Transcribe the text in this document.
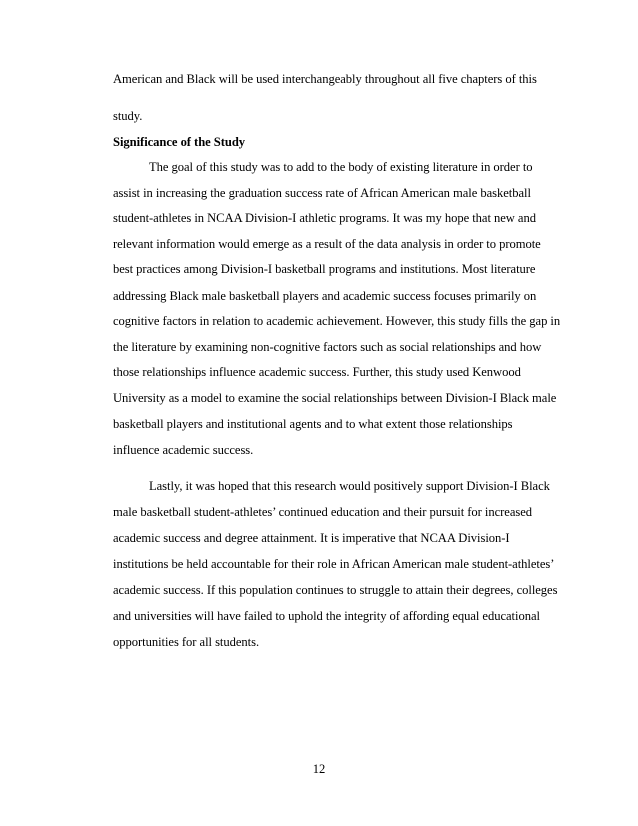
American and Black will be used interchangeably throughout all five chapters of this
study.
Significance of the Study
The goal of this study was to add to the body of existing literature in order to
assist in increasing the graduation success rate of African American male basketball
student-athletes in NCAA Division-I athletic programs. It was my hope that new and
relevant information would emerge as a result of the data analysis in order to promote
best practices among Division-I basketball programs and institutions. Most literature
addressing Black male basketball players and academic success focuses primarily on
cognitive factors in relation to academic achievement. However, this study fills the gap in
the literature by examining non-cognitive factors such as social relationships and how
those relationships influence academic success. Further, this study used Kenwood
University as a model to examine the social relationships between Division-I Black male
basketball players and institutional agents and to what extent those relationships
influence academic success.
Lastly, it was hoped that this research would positively support Division-I Black
male basketball student-athletes’ continued education and their pursuit for increased
academic success and degree attainment. It is imperative that NCAA Division-I
institutions be held accountable for their role in African American male student-athletes’
academic success. If this population continues to struggle to attain their degrees, colleges
and universities will have failed to uphold the integrity of affording equal educational
opportunities for all students.
12
